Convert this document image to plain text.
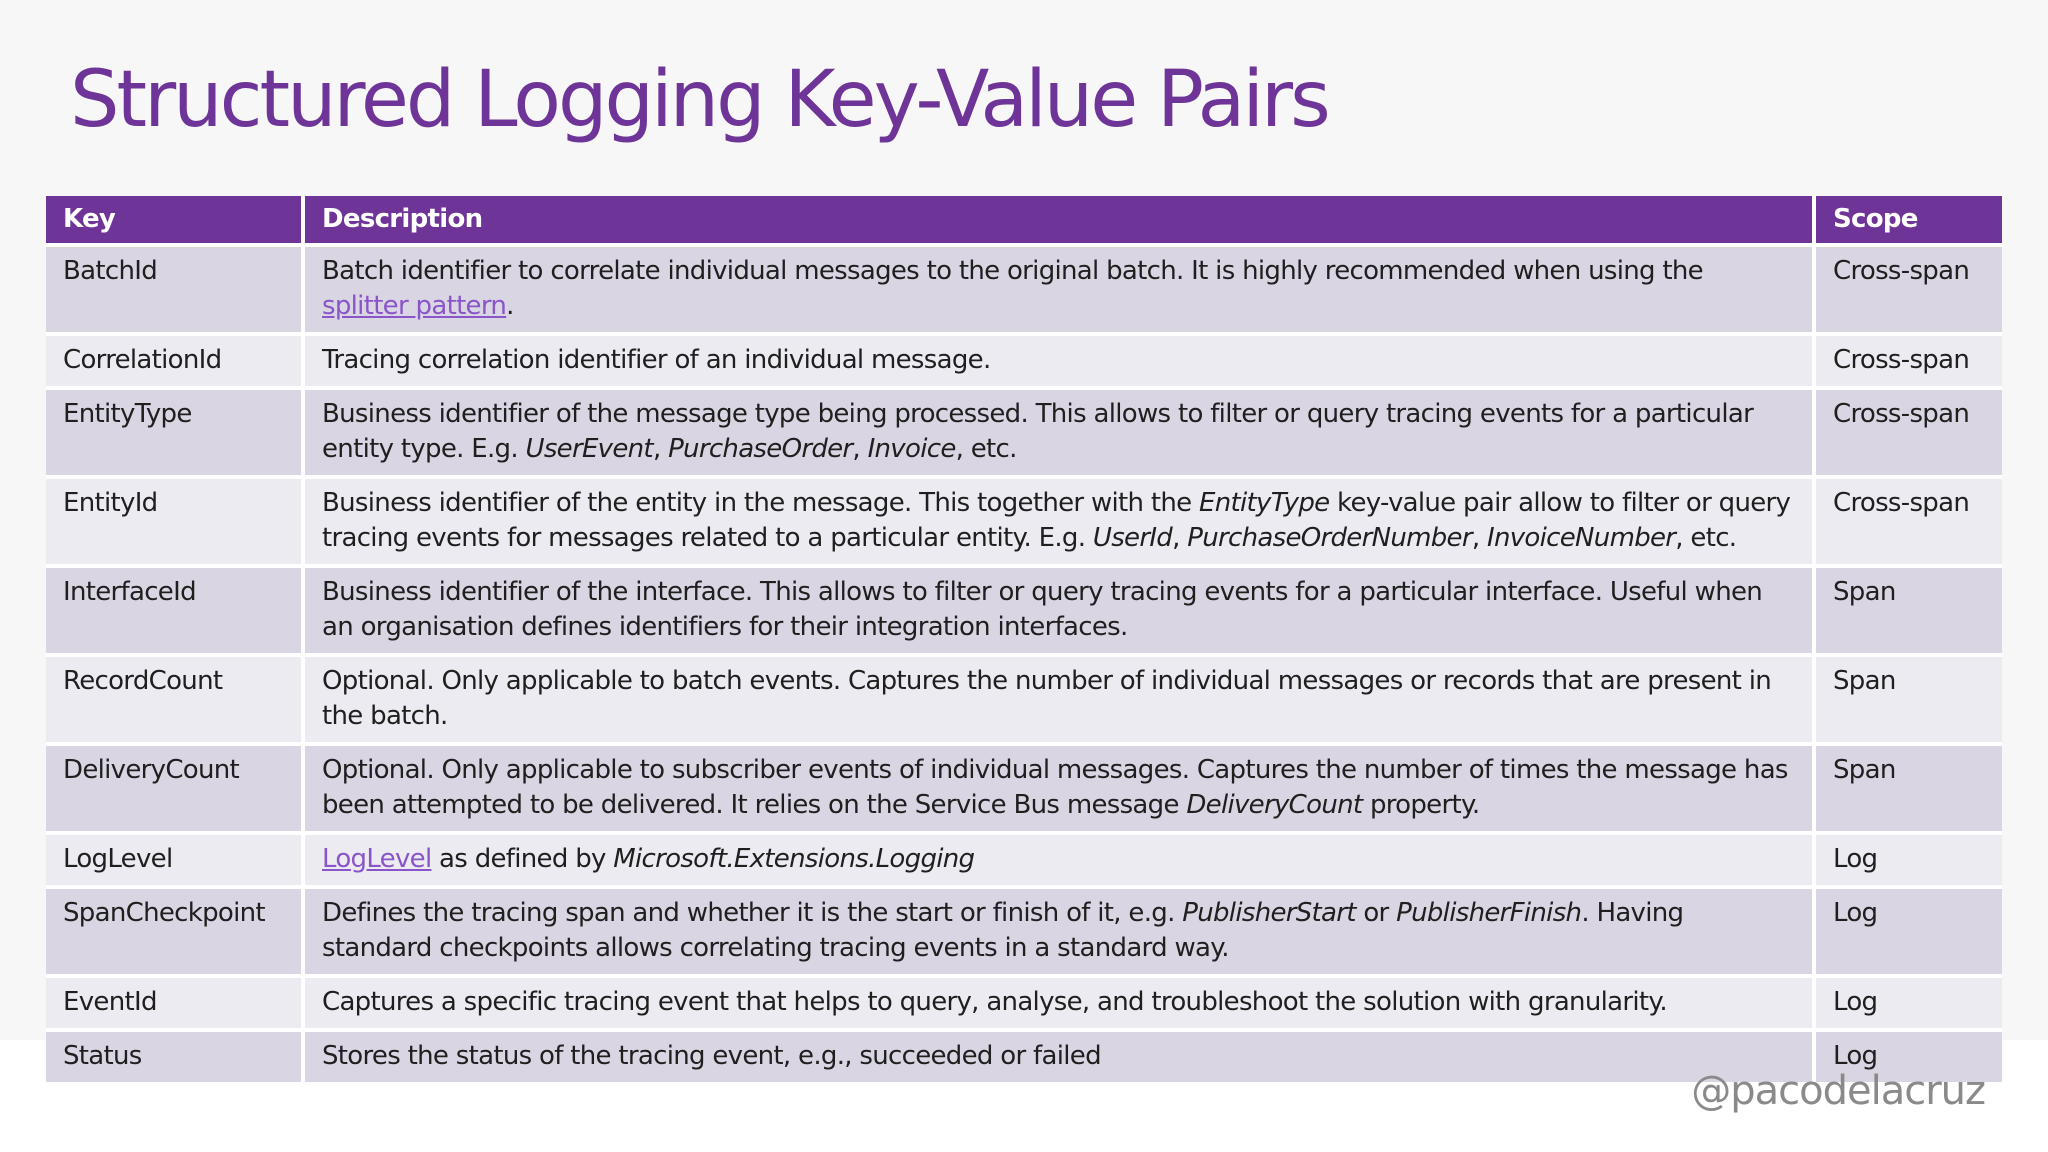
Structured Logging Key-Value Pairs
Key	Description	Scope
BatchId	Batch identifier to correlate individual messages to the original batch. It is highly recommended when using the splitter pattern.	Cross-span
CorrelationId	Tracing correlation identifier of an individual message.	Cross-span
EntityType	Business identifier of the message type being processed. This allows to filter or query tracing events for a particular entity type. E.g. UserEvent, PurchaseOrder, Invoice, etc.	Cross-span
EntityId	Business identifier of the entity in the message. This together with the EntityType key-value pair allow to filter or query tracing events for messages related to a particular entity. E.g. UserId, PurchaseOrderNumber, InvoiceNumber, etc.	Cross-span
InterfaceId	Business identifier of the interface. This allows to filter or query tracing events for a particular interface. Useful when an organisation defines identifiers for their integration interfaces.	Span
RecordCount	Optional. Only applicable to batch events. Captures the number of individual messages or records that are present in the batch.	Span
DeliveryCount	Optional. Only applicable to subscriber events of individual messages. Captures the number of times the message has been attempted to be delivered. It relies on the Service Bus message DeliveryCount property.	Span
LogLevel	LogLevel as defined by Microsoft.Extensions.Logging	Log
SpanCheckpoint	Defines the tracing span and whether it is the start or finish of it, e.g. PublisherStart or PublisherFinish. Having standard checkpoints allows correlating tracing events in a standard way.	Log
EventId	Captures a specific tracing event that helps to query, analyse, and troubleshoot the solution with granularity.	Log
Status	Stores the status of the tracing event, e.g., succeeded or failed	Log
@pacodelacruz
